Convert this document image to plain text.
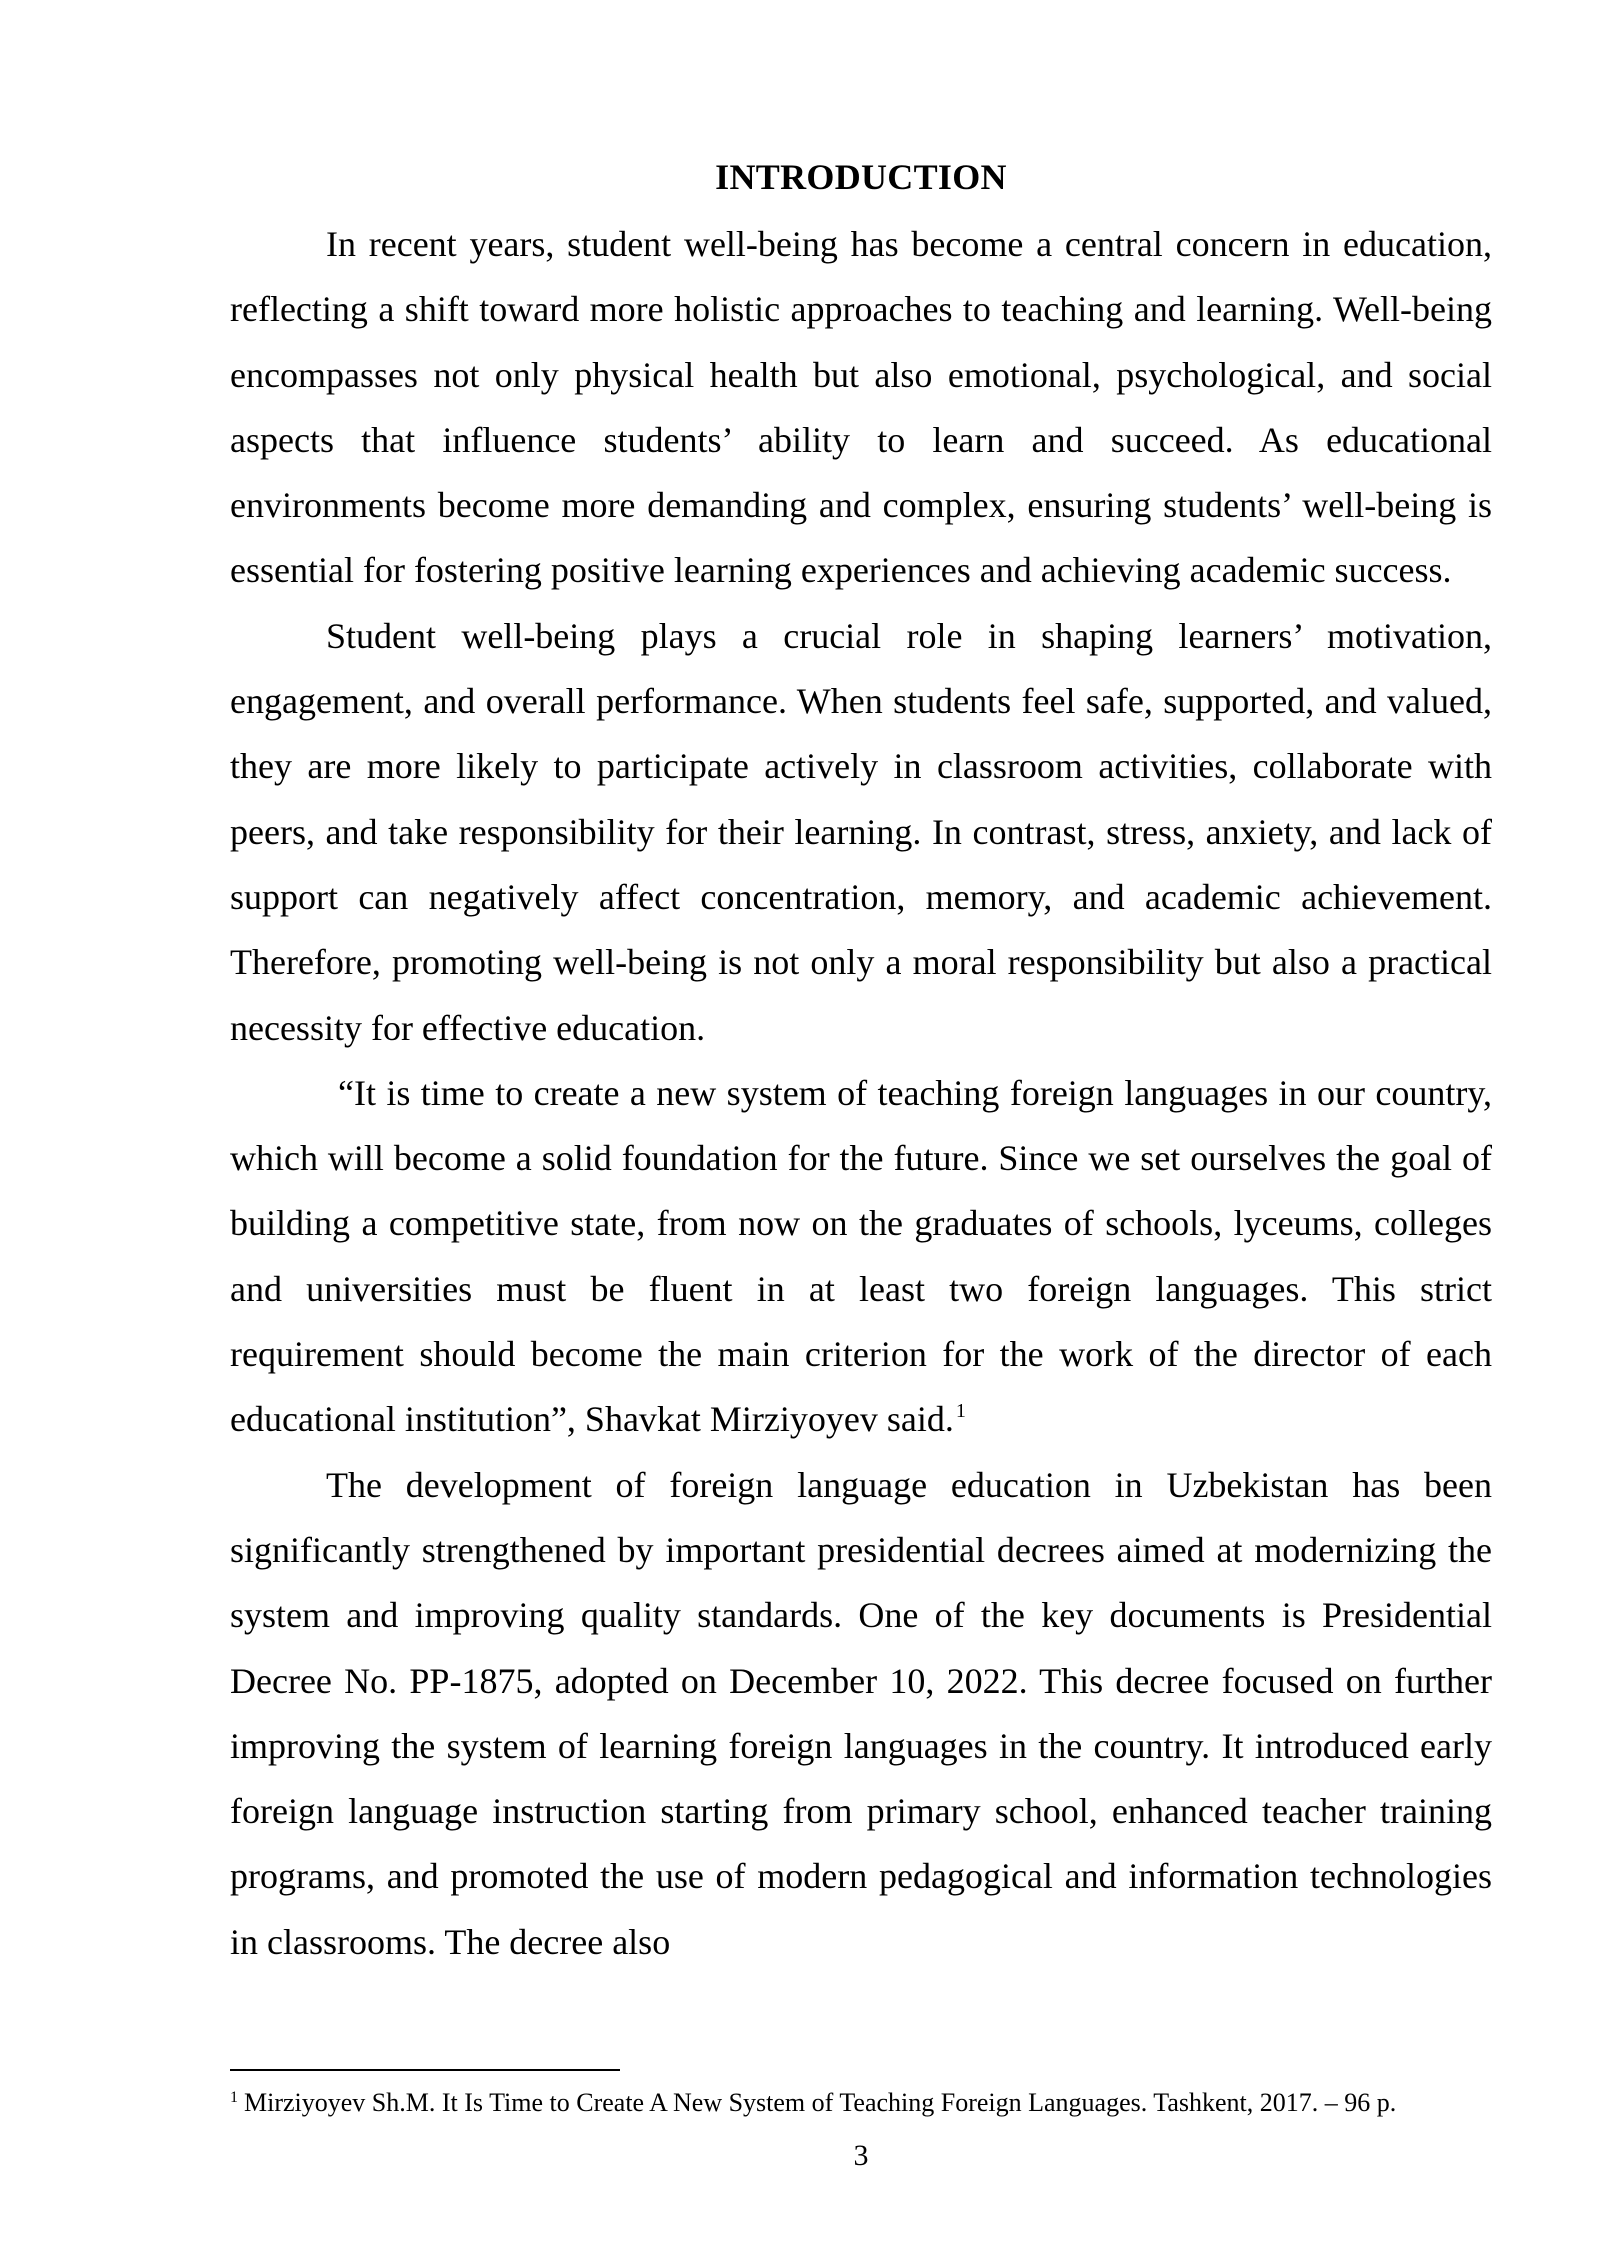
INTRODUCTION

In recent years, student well-being has become a central concern in education, reflecting a shift toward more holistic approaches to teaching and learning. Well-being encompasses not only physical health but also emotional, psychological, and social aspects that influence students’ ability to learn and succeed. As educational environments become more demanding and complex, ensuring students’ well-being is essential for fostering positive learning experiences and achieving academic success.

Student well-being plays a crucial role in shaping learners’ motivation, engagement, and overall performance. When students feel safe, supported, and valued, they are more likely to participate actively in classroom activities, collaborate with peers, and take responsibility for their learning. In contrast, stress, anxiety, and lack of support can negatively affect concentration, memory, and academic achievement. Therefore, promoting well-being is not only a moral responsibility but also a practical necessity for effective education.

“It is time to create a new system of teaching foreign languages in our country, which will become a solid foundation for the future. Since we set ourselves the goal of building a competitive state, from now on the graduates of schools, lyceums, colleges and universities must be fluent in at least two foreign languages. This strict requirement should become the main criterion for the work of the director of each educational institution”, Shavkat Mirziyoyev said. $^1$

The development of foreign language education in Uzbekistan has been significantly strengthened by important presidential decrees aimed at modernizing the system and improving quality standards. One of the key documents is Presidential Decree No. PP-1875, adopted on December 10, 2022. This decree focused on further improving the system of learning foreign languages in the country. It introduced early foreign language instruction starting from primary school, enhanced teacher training programs, and promoted the use of modern pedagogical and information technologies in classrooms. The decree also

$^1$ Mirziyoyev Sh.M. It Is Time to Create A New System of Teaching Foreign Languages. Tashkent, 2017. – 96 p.

3
